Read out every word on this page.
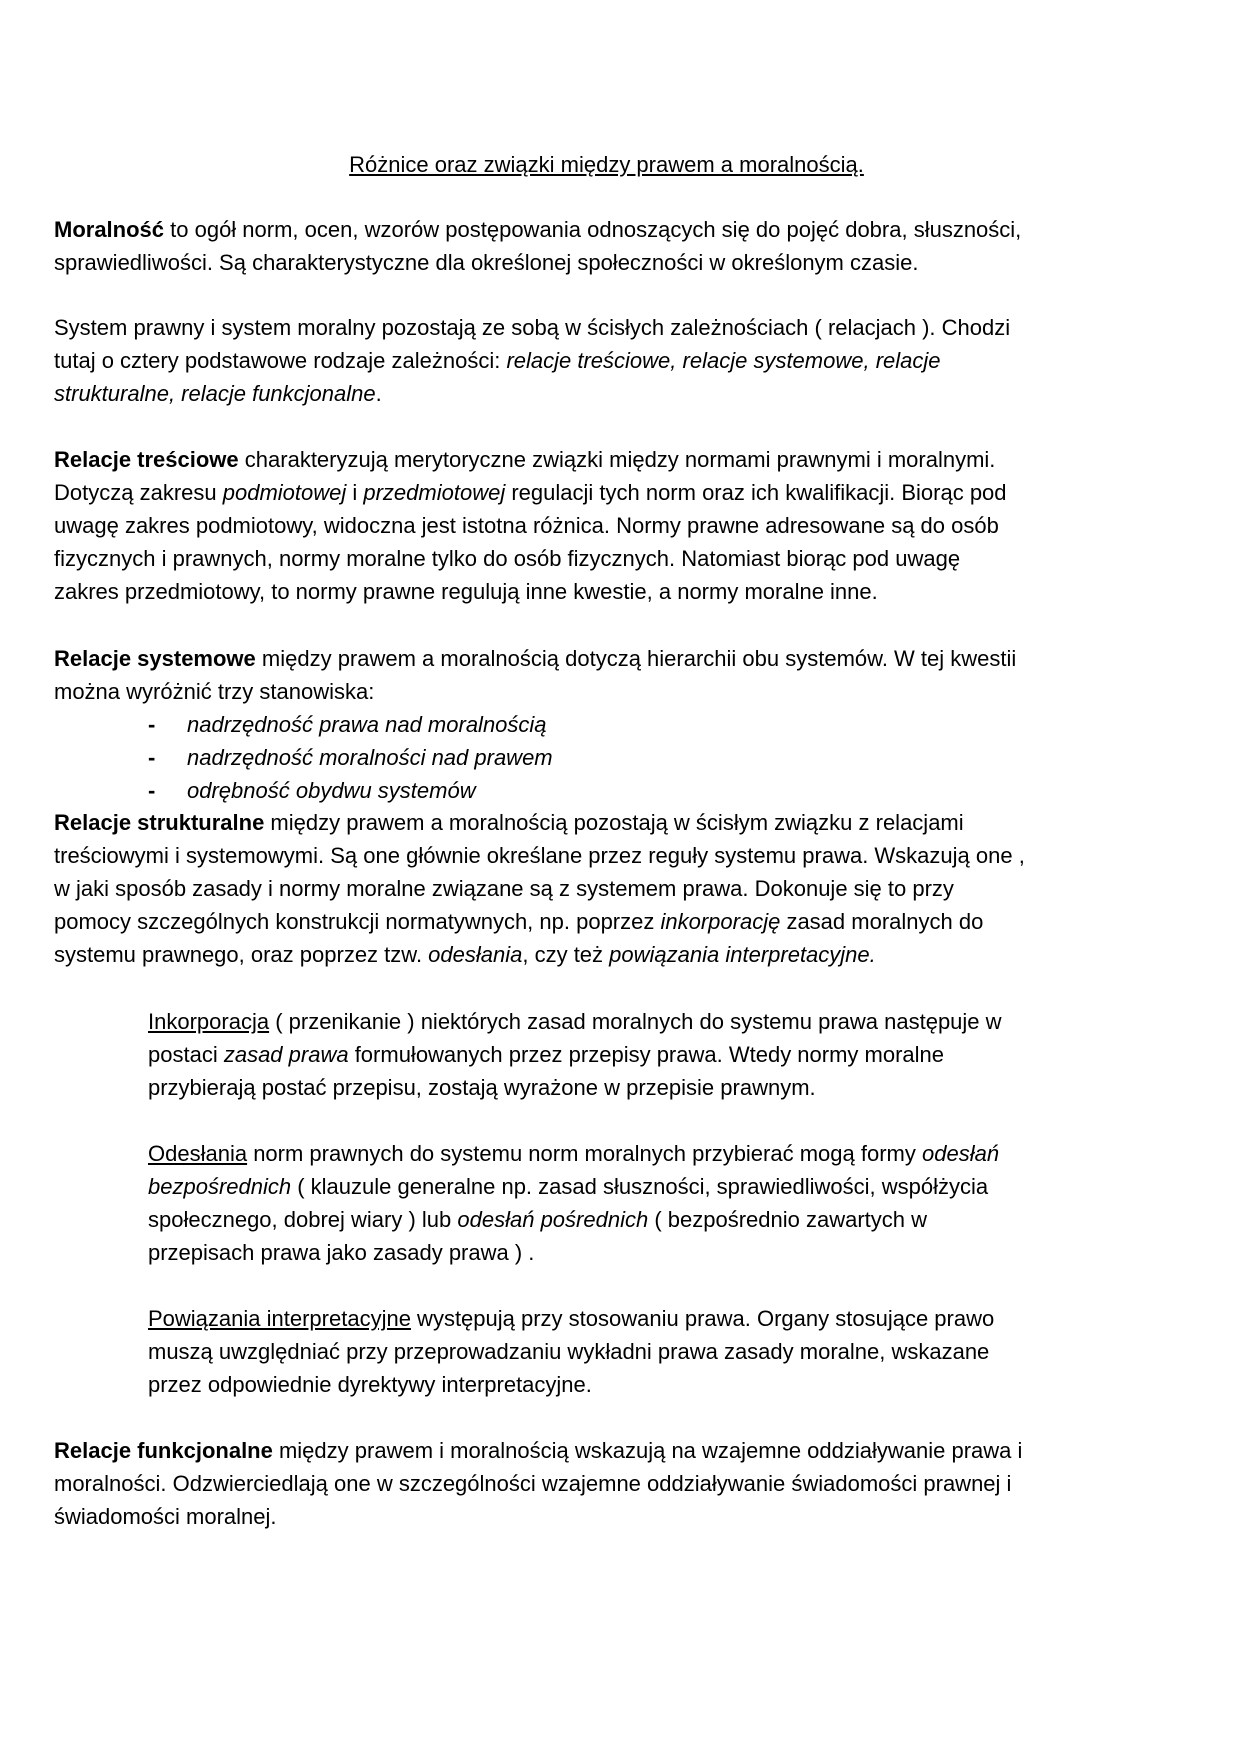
Różnice oraz związki między prawem a moralnością.
Moralność to ogół norm, ocen, wzorów postępowania odnoszących się do pojęć dobra, słuszności,
sprawiedliwości. Są charakterystyczne dla określonej społeczności w określonym czasie.
System prawny i system moralny pozostają ze sobą w ścisłych zależnościach ( relacjach ). Chodzi
tutaj o cztery podstawowe rodzaje zależności: relacje treściowe, relacje systemowe, relacje
strukturalne, relacje funkcjonalne.
Relacje treściowe charakteryzują merytoryczne związki między normami prawnymi i moralnymi.
Dotyczą zakresu podmiotowej i przedmiotowej regulacji tych norm oraz ich kwalifikacji. Biorąc pod
uwagę zakres podmiotowy, widoczna jest istotna różnica. Normy prawne adresowane są do osób
fizycznych i prawnych, normy moralne tylko do osób fizycznych. Natomiast biorąc pod uwagę
zakres przedmiotowy, to normy prawne regulują inne kwestie, a normy moralne inne.
Relacje systemowe między prawem a moralnością dotyczą hierarchii obu systemów. W tej kwestii
można wyróżnić trzy stanowiska:
- nadrzędność prawa nad moralnością
- nadrzędność moralności nad prawem
- odrębność obydwu systemów
Relacje strukturalne między prawem a moralnością pozostają w ścisłym związku z relacjami
treściowymi i systemowymi. Są one głównie określane przez reguły systemu prawa. Wskazują one ,
w jaki sposób zasady i normy moralne związane są z systemem prawa. Dokonuje się to przy
pomocy szczególnych konstrukcji normatywnych, np. poprzez inkorporację zasad moralnych do
systemu prawnego, oraz poprzez tzw. odesłania, czy też powiązania interpretacyjne.
Inkorporacja ( przenikanie ) niektórych zasad moralnych do systemu prawa następuje w
postaci zasad prawa formułowanych przez przepisy prawa. Wtedy normy moralne
przybierają postać przepisu, zostają wyrażone w przepisie prawnym.
Odesłania norm prawnych do systemu norm moralnych przybierać mogą formy odesłań
bezpośrednich ( klauzule generalne np. zasad słuszności, sprawiedliwości, współżycia
społecznego, dobrej wiary ) lub odesłań pośrednich ( bezpośrednio zawartych w
przepisach prawa jako zasady prawa ) .
Powiązania interpretacyjne występują przy stosowaniu prawa. Organy stosujące prawo
muszą uwzględniać przy przeprowadzaniu wykładni prawa zasady moralne, wskazane
przez odpowiednie dyrektywy interpretacyjne.
Relacje funkcjonalne między prawem i moralnością wskazują na wzajemne oddziaływanie prawa i
moralności. Odzwierciedlają one w szczególności wzajemne oddziaływanie świadomości prawnej i
świadomości moralnej.
